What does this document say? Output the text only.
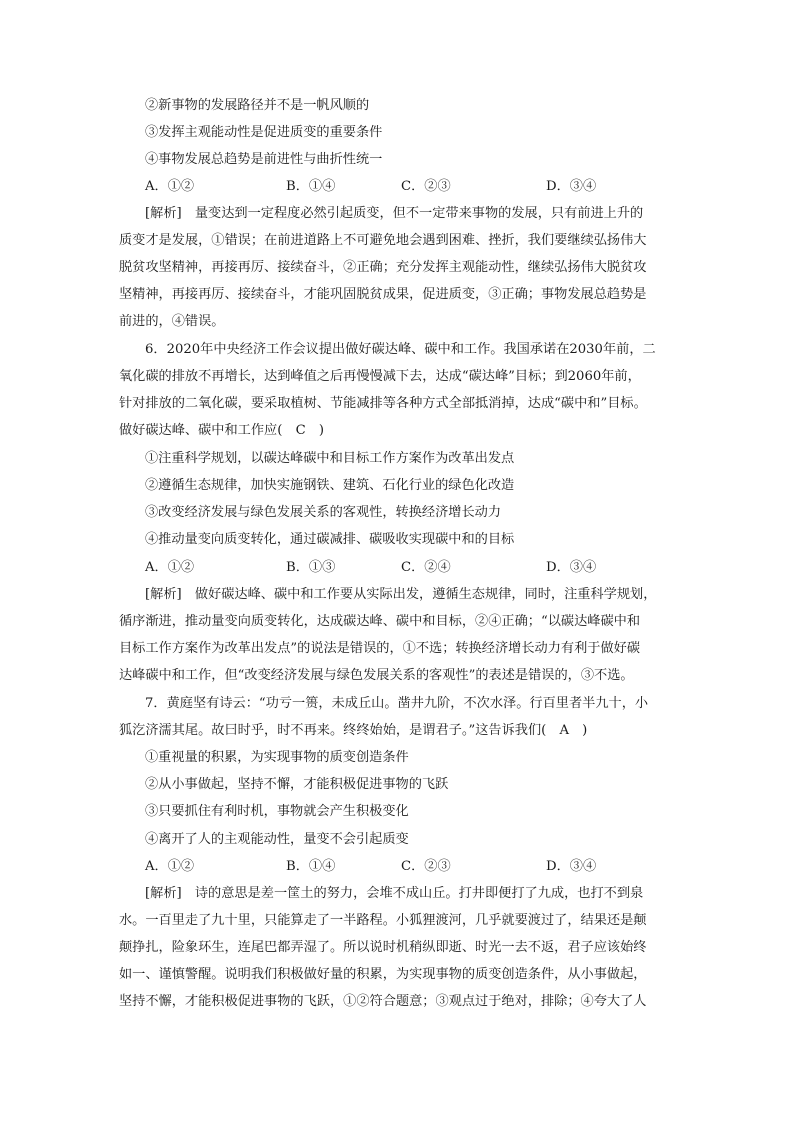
②新事物的发展路径并不是一帆风顺的
③发挥主观能动性是促进质变的重要条件
④事物发展总趋势是前进性与曲折性统一
A．①②	B．①④	C．②③	D．③④
[解析]　量变达到一定程度必然引起质变，但不一定带来事物的发展，只有前进上升的
质变才是发展，①错误；在前进道路上不可避免地会遇到困难、挫折，我们要继续弘扬伟大
脱贫攻坚精神，再接再厉、接续奋斗，②正确；充分发挥主观能动性，继续弘扬伟大脱贫攻
坚精神，再接再厉、接续奋斗，才能巩固脱贫成果，促进质变，③正确；事物发展总趋势是
前进的，④错误。
6．2020年中央经济工作会议提出做好碳达峰、碳中和工作。我国承诺在2030年前，二
氧化碳的排放不再增长，达到峰值之后再慢慢减下去，达成“碳达峰”目标；到2060年前，
针对排放的二氧化碳，要采取植树、节能减排等各种方式全部抵消掉，达成“碳中和”目标。
做好碳达峰、碳中和工作应(　C　)
①注重科学规划，以碳达峰碳中和目标工作方案作为改革出发点
②遵循生态规律，加快实施钢铁、建筑、石化行业的绿色化改造
③改变经济发展与绿色发展关系的客观性，转换经济增长动力
④推动量变向质变转化，通过碳减排、碳吸收实现碳中和的目标
A．①②	B．①③	C．②④	D．③④
[解析]　做好碳达峰、碳中和工作要从实际出发，遵循生态规律，同时，注重科学规划，
循序渐进，推动量变向质变转化，达成碳达峰、碳中和目标，②④正确；“以碳达峰碳中和
目标工作方案作为改革出发点”的说法是错误的，①不选；转换经济增长动力有利于做好碳
达峰碳中和工作，但“改变经济发展与绿色发展关系的客观性”的表述是错误的，③不选。
7．黄庭坚有诗云：“功亏一篑，未成丘山。凿井九阶，不次水泽。行百里者半九十，小
狐汔济濡其尾。故曰时乎，时不再来。终终始始，是谓君子。”这告诉我们(　A　)
①重视量的积累，为实现事物的质变创造条件
②从小事做起，坚持不懈，才能积极促进事物的飞跃
③只要抓住有利时机，事物就会产生积极变化
④离开了人的主观能动性，量变不会引起质变
A．①②	B．①④	C．②③	D．③④
[解析]　诗的意思是差一筐土的努力，会堆不成山丘。打井即便打了九成，也打不到泉
水。一百里走了九十里，只能算走了一半路程。小狐狸渡河，几乎就要渡过了，结果还是颠
颠挣扎，险象环生，连尾巴都弄湿了。所以说时机稍纵即逝、时光一去不返，君子应该始终
如一、谨慎警醒。说明我们积极做好量的积累，为实现事物的质变创造条件，从小事做起，
坚持不懈，才能积极促进事物的飞跃，①②符合题意；③观点过于绝对，排除；④夸大了人
